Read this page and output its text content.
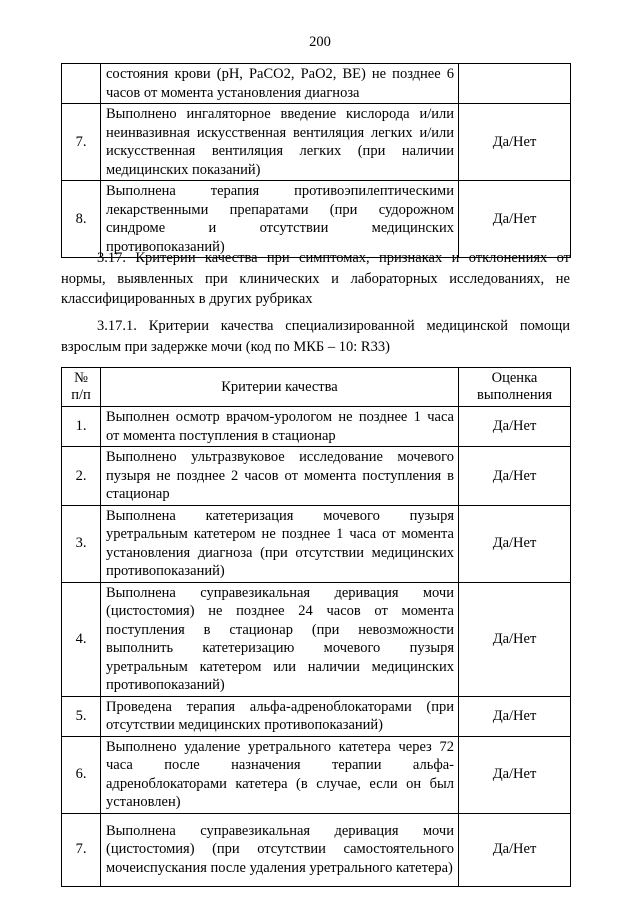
200
	состояния крови (pH, PaCO2, PaO2, BE) не позднее 6 часов от момента установления диагноза	
7.	Выполнено ингаляторное введение кислорода и/или неинвазивная искусственная вентиляция легких и/или искусственная вентиляция легких (при наличии медицинских показаний)	Да/Нет
8.	Выполнена терапия противоэпилептическими лекарственными препаратами (при судорожном синдроме и отсутствии медицинских противопоказаний)	Да/Нет
3.17. Критерии качества при симптомах, признаках и отклонениях от нормы, выявленных при клинических и лабораторных исследованиях, не классифицированных в других рубриках
3.17.1. Критерии качества специализированной медицинской помощи взрослым при задержке мочи (код по МКБ – 10: R33)
№ п/п	Критерии качества	Оценка выполнения
1.	Выполнен осмотр врачом-урологом не позднее 1 часа от момента поступления в стационар	Да/Нет
2.	Выполнено ультразвуковое исследование мочевого пузыря не позднее 2 часов от момента поступления в стационар	Да/Нет
3.	Выполнена катетеризация мочевого пузыря уретральным катетером не позднее 1 часа от момента установления диагноза (при отсутствии медицинских противопоказаний)	Да/Нет
4.	Выполнена суправезикальная деривация мочи (цистостомия) не позднее 24 часов от момента поступления в стационар (при невозможности выполнить катетеризацию мочевого пузыря уретральным катетером или наличии медицинских противопоказаний)	Да/Нет
5.	Проведена терапия альфа-адреноблокаторами (при отсутствии медицинских противопоказаний)	Да/Нет
6.	Выполнено удаление уретрального катетера через 72 часа после назначения терапии альфа-адреноблокаторами катетера (в случае, если он был установлен)	Да/Нет
7.	Выполнена суправезикальная деривация мочи (цистостомия) (при отсутствии самостоятельного мочеиспускания после удаления уретрального катетера)	Да/Нет
